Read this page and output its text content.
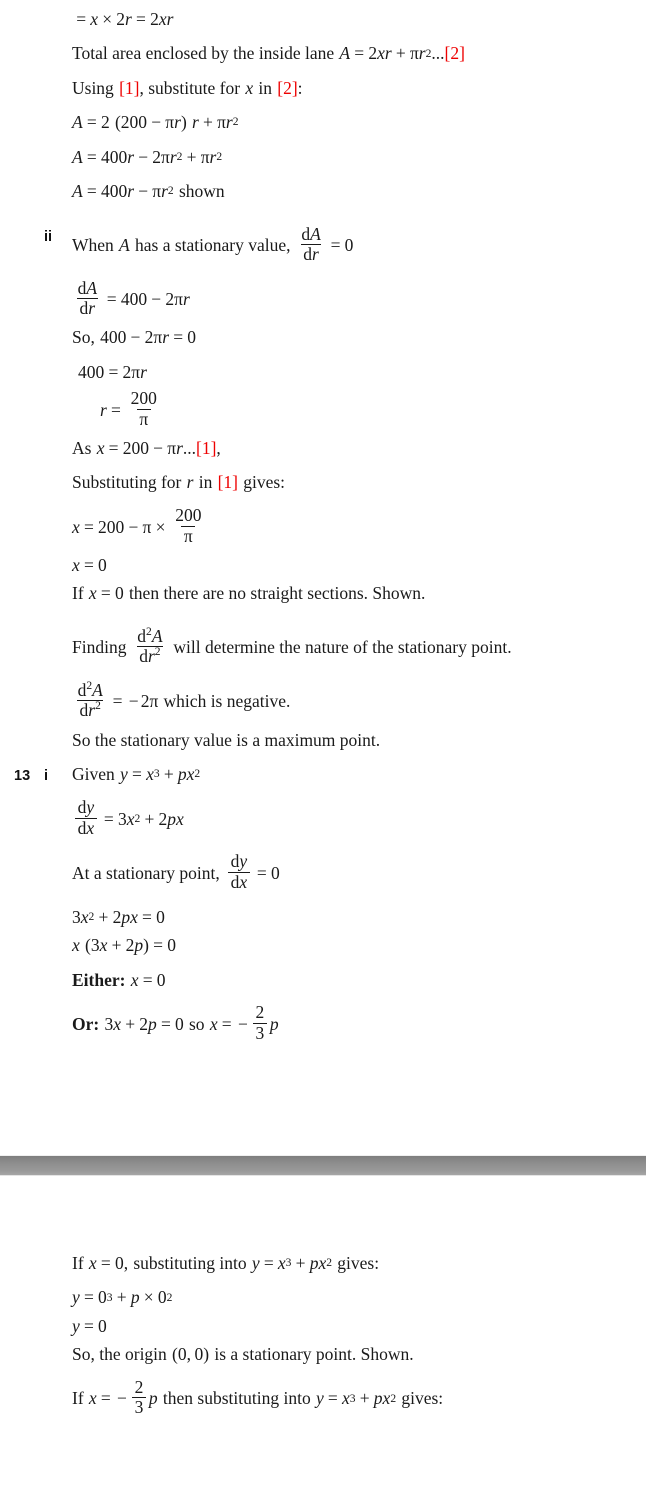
= x × 2 r = 2 x r
Total area enclosed by the inside lane A = 2 x r + π r 2 ... [2]
Using [1] , substitute for x in [2] :
A = 2 ( 200 − π r ) r + π r 2
A = 400 r − 2 π r 2 + π r 2
A = 400 r − π r 2 shown
ii	When A has a stationary value, $\frac{dA}{dr} = 0$
$\frac{dA}{dr} = 400 - 2$ π r
So, 400 − 2 π r = 0
400 = 2 π r
$r = \frac{200}{\pi}$
As x = 200 − π r ... [1] ,
Substituting for r in [1] gives:
$x = 200 - \pi \times \frac{200}{\pi}$
x = 0
If x = 0 then there are no straight sections. Shown.
Finding $\frac{d^2A}{dr^2}$ will determine the nature of the stationary point.
$\frac{d^2A}{dr^2}$ = − 2 π which is negative.
So the stationary value is a maximum point.
13 i	Given y = x 3 + p x 2
$\frac{dy}{dx} = 3$ x 2 + 2 p x
At a stationary point, $\frac{dy}{dx} = 0$
3 x 2 + 2 p x = 0
x ( 3 x + 2 p ) = 0
Either: x = 0
Or: 3 x + 2 p = 0 so x = − $\frac{2}{3}$ p
If x = 0 , substituting into y = x 3 + p x 2 gives:
y = 0 3 + p × 0 2
y = 0
So, the origin (0, 0) is a stationary point. Shown.
If x = − $\frac{2}{3}$ p then substituting into y = x 3 + p x 2 gives:
